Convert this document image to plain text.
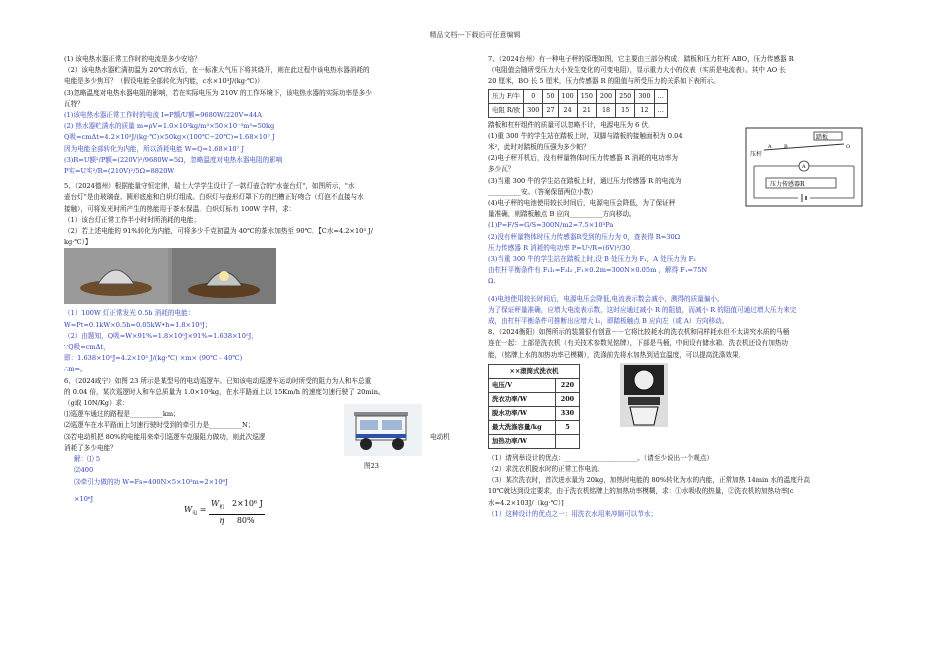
精品文档---下载后可任意编辑

(1) 该电热水器正常工作时的电流是多少安培？

（2）该电热水器贮满初温为 20℃的水后，在一标准大气压下将其烧开，则在此过程中该电热水器消耗的

电能是多少焦耳？（假设电能全部转化为内能，c水×10³J/(kg·℃)）

(3)忽略温度对电热水器电阻的影响，若在实际电压为 210V 的工作环境下，该电热水器的实际功率是多少

瓦特？

(1)该电热水器正常工作时的电流 I=P额/U额=9680W/220V=44A

(2) 热水器贮满水的质量 m=ρV=1.0×10³kg/m³×50×10⁻³m³=50kg

Q吸=cmΔt=4.2×10³J/(kg·℃)×50kg×(100℃−20℃)=1.68×10⁷ J

因为电能全部转化为内能，所以消耗电能 W=Q=1.68×10⁷ J

(3)R=U额²/P额=(220V)²/9680W=5Ω，忽略温度对电热水器电阻的影响

P实=U实²/R=(210V)²/5Ω=8820W

5、（2024德州）根据能量守恒定律，瑞士大学学生设计了一款灯壶合的"水壶台灯"，如图所示，"水

壶台灯"是由玻璃壶、圆形底座和白炽灯组成。白炽灯与壶形灯罩下方的凹槽正好吻合（灯泡不直接与水

接触），可将发光时所产生的热能用于茶水保温．白炽灯标有 100W 字样，求：

（1）该台灯正常工作半小时时所消耗的电能；

（2）若上述电能的 91%转化为内能，可将多少千克初温为 40℃的茶水加热至 90℃．【C水=4.2×10³ J/

kg·℃）】

（1）100W 灯正常发光 0.5h 消耗的电能：

W=Pt=0.1kW×0.5h=0.05kW•h=1.8×10⁵J；

（2）由题知，Q吸=W×91%=1.8×10⁵J×91%=1.638×10⁵J，

∵Q吸=cmΔt，

即：1.638×10⁵J=4.2×10³ J/(kg·℃) ×m× (90℃ - 40℃)

∴m=。

6、（2024咸宁）如图 23 所示是某型号的电动巡逻车。已知该电动巡逻车运动时所受的阻力为人和车总重

的 0.04 倍，某次巡逻时人和车总质量为 1.0×10³kg，在水平路面上以 15Km/h 的速度匀速行驶了 20min。

（g取 10N/Kg）求：

⑴巡逻车通过的路程是__________km；

⑵巡逻车在水平路面上匀速行驶时受到的牵引力是__________N；

⑶若电动机把 80%的电能用来牵引巡逻车克服阻力做功，则此次巡逻

消耗了多少电能？

电动机
图23

解：⑴ 5

⑵400

⑶牵引力做的功 W=Fs=400N×5×10³m=2×10⁶J

×10⁶J

$W_电$ =
$W_机$ 2×10⁶ J
η 80%

7、（2024台州）有一种电子秤的原理如图，它主要由三部分构成．踏板和压力杠杆 ABO，压力传感器 R

（电阻值会随所受压力大小发生变化的可变电阻），显示重力大小的仪表（实质是电流表）。其中 AO 长

20 厘米，BO 长 5 厘米，压力传感器 R 的阻值与所受压力的关系如下表所示。

压力 F/牛	0	50	100	150	200	250	300	…
电阻 R/欧	300	27	24	21	18	15	12	…

踏板和杠杆组件的质量可以忽略不计，电源电压为 6 伏．

(1)重 300 牛的学生站在踏板上时，双脚与踏板的接触面积为 0.04

米²，此时对踏板的压强为多少帕？

(2)电子秤开机后，没有秤量物体时压力传感器 R 消耗的电功率为

多少瓦？

(3)当重 300 牛的学生站在踏板上时，通过压力传感器 R 的电流为

__________安。（答案保留两位小数）

(4)电子秤的电池使用较长时间后，电源电压会降低，为了保证秤

量准确，则踏板触点 B 应向__________方向移动。

踏板
压杆
A B	O
A
压力传感器R

(1)P=F/S=G/S=300N/m2=7.5×10³Pa

(2)没有秤量物体时压力传感器R受到的压力为 0，查表得 R=30Ω

压力传感器 R 消耗的电功率 P=U²/R=(6V)²/30

(3)当重 300 牛的学生站在踏板上时,设 B 处压力为 F₁，A 处压力为 F₂

由杠杆平衡条件有 F₁l₁=F₂l₂ ,F₁×0.2m=300N×0.05m ，解得 F₁=75N

Ω．

(4)电池使用较长时间后，电源电压会降低,电流表示数会减小，测得的质量偏小。

为了保证秤量准确，应增大电流表示数，这时应通过减小 R 的阻值，而减小 R 的阻值可通过增大压力来完

成，由杠杆平衡条件可推断出应增大 l₁，即踏板触点 B 应向左（或 A）方向移动。

8、（2024衡阳）如图所示的装置很有创意－－它将比较耗水的洗衣机和同样耗水但不太讲究水质的马桶

连在一起：上部是洗衣机（有关技术参数见铭牌），下部是马桶，中间设有储水箱．洗衣机还设有加热功

能，（铭牌上水的加热功率已模糊），洗涤前先将水加热到适宜温度，可以提高洗涤效果．

××滚筒式洗衣机	
电压/V	220
洗衣功率/W	200
脱水功率/W	330
最大洗涤容量/kg	5
加热功率/W	

（1）请列举设计的优点：______________________。（请至少说出一个观点）

（2）求洗衣机脱水时的正常工作电流．

（3）某次洗衣时，首次进水量为 20kg，加热时电能的 80%转化为水的内能，正常加热 14min 水的温度升高

10℃就达到设定要求，由于洗衣机铭牌上的加热功率模糊，求：①水吸收的热量，②洗衣机的加热功率[c

水=4.2×103J/（kg·℃）]

（1）这种设计的优点之一：用洗衣水用来冲厕可以节水；
